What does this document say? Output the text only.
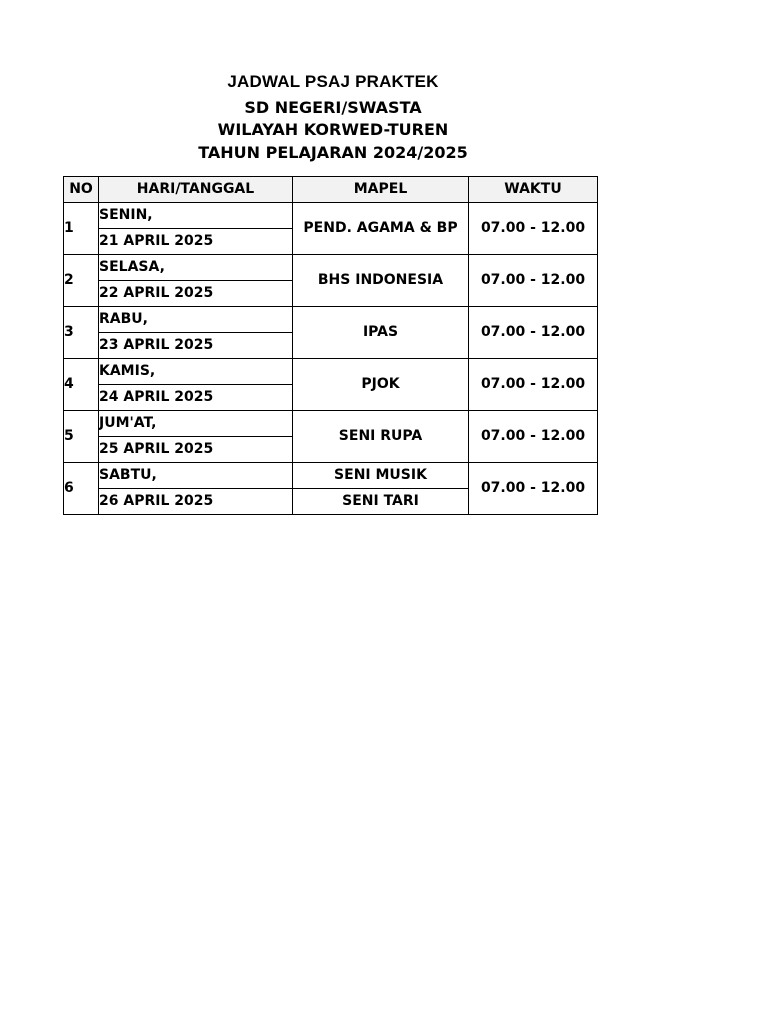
JADWAL PSAJ PRAKTEK
SD NEGERI/SWASTA
WILAYAH KORWED-TUREN
TAHUN PELAJARAN 2024/2025
NO	HARI/TANGGAL	MAPEL	WAKTU
1	SENIN,	PEND. AGAMA & BP	07.00 - 12.00
	21 APRIL 2025		
2	SELASA,	BHS INDONESIA	07.00 - 12.00
	22 APRIL 2025		
3	RABU,	IPAS	07.00 - 12.00
	23 APRIL 2025		
4	KAMIS,	PJOK	07.00 - 12.00
	24 APRIL 2025		
5	JUM'AT,	SENI RUPA	07.00 - 12.00
	25 APRIL 2025		
6	SABTU,	SENI MUSIK	07.00 - 12.00
	26 APRIL 2025	SENI TARI	
